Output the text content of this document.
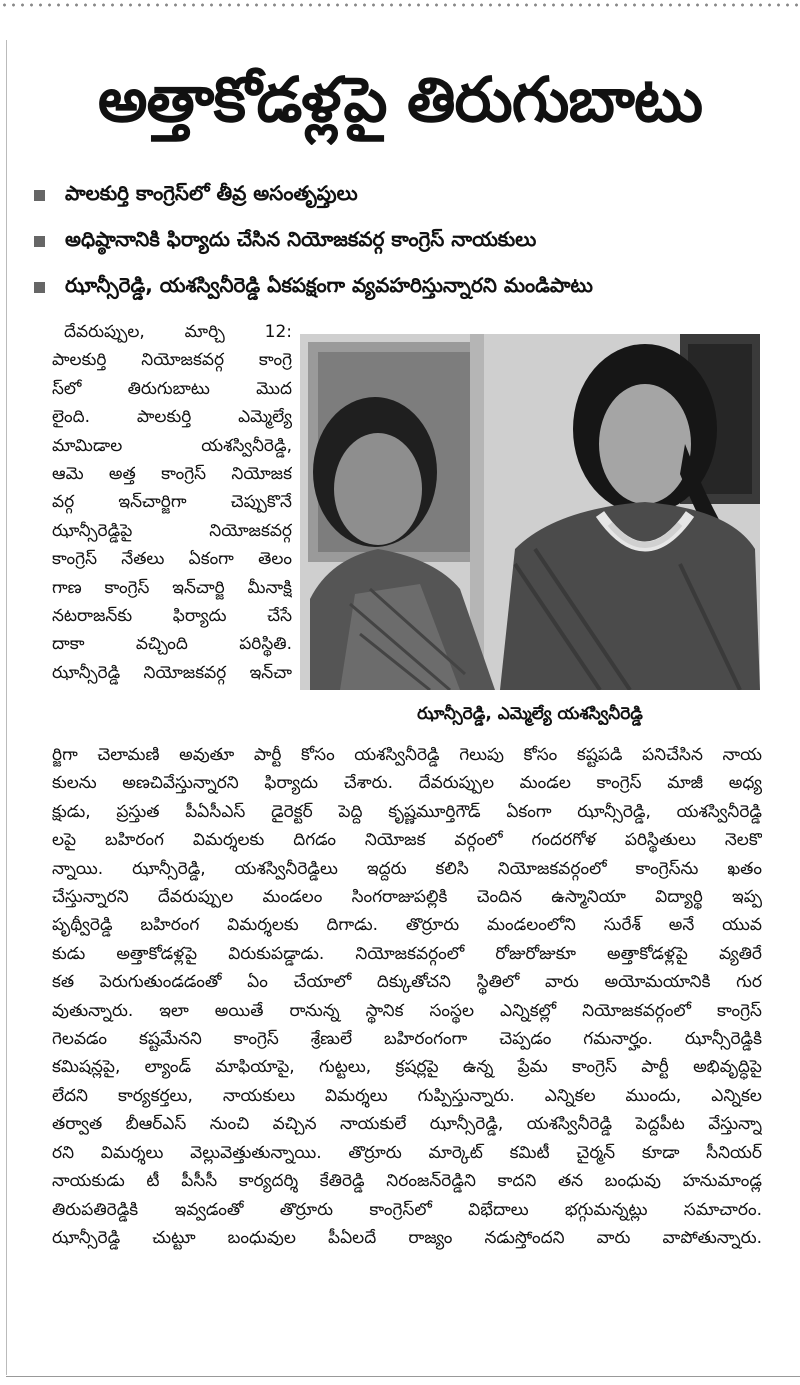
అత్తాకోడళ్లపై తిరుగుబాటు
పాలకుర్తి కాంగ్రెస్‌లో తీవ్ర అసంతృప్తులు
అధిష్ఠానానికి ఫిర్యాదు చేసిన నియోజకవర్గ కాంగ్రెస్ నాయకులు
ఝాన్సీరెడ్డి, యశస్వినీరెడ్డి ఏకపక్షంగా వ్యవహరిస్తున్నారని మండిపాటు
దేవరుప్పుల, మార్చి 12:
పాలకుర్తి నియోజకవర్గ కాంగ్రె
స్‌లో తిరుగుబాటు మొద
లైంది. పాలకుర్తి ఎమ్మెల్యే
మామిడాల యశస్వినీరెడ్డి,
ఆమె అత్త కాంగ్రెస్ నియోజక
వర్గ ఇన్‌చార్జిగా చెప్పుకొనే
ఝాన్సీరెడ్డిపై నియోజకవర్గ
కాంగ్రెస్ నేతలు ఏకంగా తెలం
గాణ కాంగ్రెస్ ఇన్‌చార్జి మీనాక్షి
నటరాజన్‌కు ఫిర్యాదు చేసే
దాకా వచ్చింది పరిస్థితి.
ఝాన్సీరెడ్డి నియోజకవర్గ ఇన్‌చా
ఝాన్సీరెడ్డి, ఎమ్మెల్యే యశస్వినీరెడ్డి
ర్జిగా చెలామణి అవుతూ పార్టీ కోసం యశస్వినీరెడ్డి గెలుపు కోసం కష్టపడి పనిచేసిన నాయ
కులను అణచివేస్తున్నారని ఫిర్యాదు చేశారు. దేవరుప్పుల మండల కాంగ్రెస్ మాజీ అధ్య
క్షుడు, ప్రస్తుత పీఏసీఎస్ డైరెక్టర్ పెద్ది కృష్ణమూర్తిగౌడ్ ఏకంగా ఝాన్సీరెడ్డి, యశస్వినీరెడ్డి
లపై బహిరంగ విమర్శలకు దిగడం నియోజక వర్గంలో గందరగోళ పరిస్థితులు నెలకొ
న్నాయి. ఝాన్సీరెడ్డి, యశస్వినీరెడ్డిలు ఇద్దరు కలిసి నియోజకవర్గంలో కాంగ్రెస్‌ను ఖతం
చేస్తున్నారని దేవరుప్పుల మండలం సింగరాజుపల్లికి చెందిన ఉస్మానియా విద్యార్థి ఇప్ప
పృథ్వీరెడ్డి బహిరంగ విమర్శలకు దిగాడు. తొర్రూరు మండలంలోని సురేశ్ అనే యువ
కుడు అత్తాకోడళ్లపై విరుకుపడ్డాడు. నియోజకవర్గంలో రోజురోజుకూ అత్తాకోడళ్లపై వ్యతిరే
కత పెరుగుతుండడంతో ఏం చేయాలో దిక్కుతోచని స్థితిలో వారు అయోమయానికి గుర
వుతున్నారు. ఇలా అయితే రానున్న స్థానిక సంస్థల ఎన్నికల్లో నియోజకవర్గంలో కాంగ్రెస్
గెలవడం కష్టమేనని కాంగ్రెస్ శ్రేణులే బహిరంగంగా చెప్పడం గమనార్హం. ఝాన్సీరెడ్డికి
కమిషన్లపై, ల్యాండ్ మాఫియాపై, గుట్టలు, క్రషర్లపై ఉన్న ప్రేమ కాంగ్రెస్ పార్టీ అభివృద్ధిపై
లేదని కార్యకర్తలు, నాయకులు విమర్శలు గుప్పిస్తున్నారు. ఎన్నికల ముందు, ఎన్నికల
తర్వాత బీఆర్ఎస్ నుంచి వచ్చిన నాయకులే ఝాన్సీరెడ్డి, యశస్వినీరెడ్డి పెద్దపీట వేస్తున్నా
రని విమర్శలు వెల్లువెత్తుతున్నాయి. తొర్రూరు మార్కెట్ కమిటీ చైర్మన్ కూడా సీనియర్
నాయకుడు టీ పీసీసీ కార్యదర్శి కేతిరెడ్డి నిరంజన్‌రెడ్డిని కాదని తన బంధువు హనుమాండ్ల
తిరుపతిరెడ్డికి ఇవ్వడంతో తొర్రూరు కాంగ్రెస్‌లో విభేదాలు భగ్గుమన్నట్లు సమాచారం.
ఝాన్సీరెడ్డి చుట్టూ బంధువుల పీఏలదే రాజ్యం నడుస్తోందని వారు వాపోతున్నారు.
